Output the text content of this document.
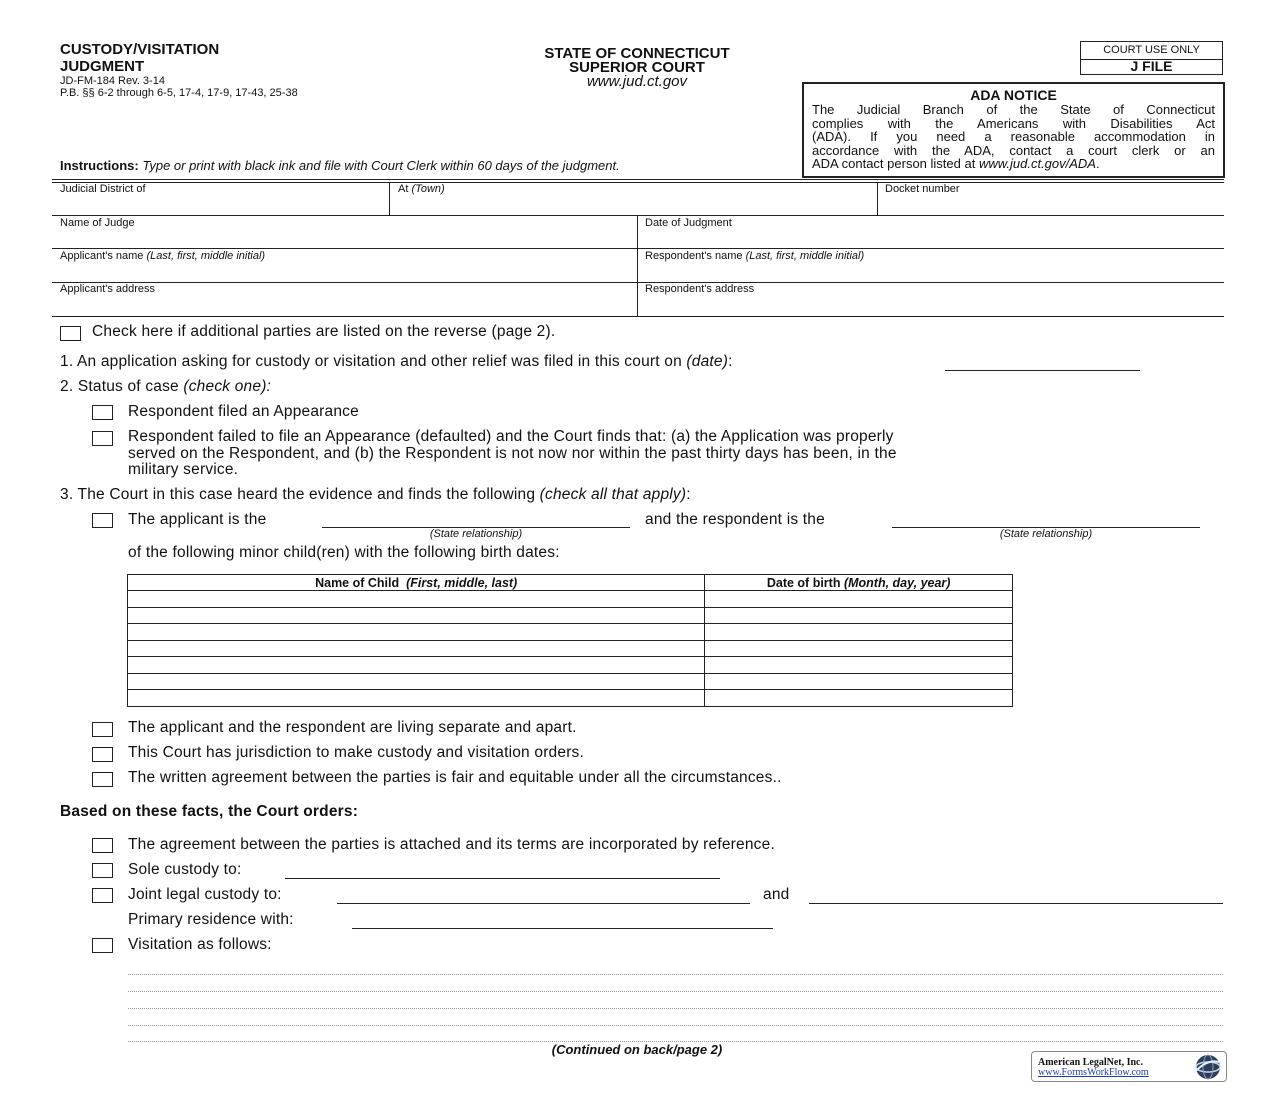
CUSTODY/VISITATION
JUDGMENT
JD-FM-184 Rev. 3-14
P.B. §§ 6-2 through 6-5, 17-4, 17-9, 17-43, 25-38
STATE OF CONNECTICUT
SUPERIOR COURT
www.jud.ct.gov
COURT USE ONLY
J FILE
ADA NOTICE
The Judicial Branch of the State of Connecticut
complies with the Americans with Disabilities Act
(ADA). If you need a reasonable accommodation in
accordance with the ADA, contact a court clerk or an
ADA contact person listed at www.jud.ct.gov/ADA.
Instructions: Type or print with black ink and file with Court Clerk within 60 days of the judgment.
Judicial District of	At (Town)	Docket number
Name of Judge	Date of Judgment
Applicant's name (Last, first, middle initial)	Respondent's name (Last, first, middle initial)
Applicant's address	Respondent's address
Check here if additional parties are listed on the reverse (page 2).
1. An application asking for custody or visitation and other relief was filed in this court on (date):
2. Status of case (check one):
Respondent filed an Appearance
Respondent failed to file an Appearance (defaulted) and the Court finds that: (a) the Application was properly
served on the Respondent, and (b) the Respondent is not now nor within the past thirty days has been, in the
military service.
3. The Court in this case heard the evidence and finds the following (check all that apply):
The applicant is the
(State relationship)
and the respondent is the
(State relationship)
of the following minor child(ren) with the following birth dates:
Name of Child (First, middle, last)	Date of birth (Month, day, year)

The applicant and the respondent are living separate and apart.
This Court has jurisdiction to make custody and visitation orders.
The written agreement between the parties is fair and equitable under all the circumstances..
Based on these facts, the Court orders:
The agreement between the parties is attached and its terms are incorporated by reference.
Sole custody to:
Joint legal custody to:	and
Primary residence with:
Visitation as follows:
(Continued on back/page 2)
American LegalNet, Inc.
www.FormsWorkFlow.com
